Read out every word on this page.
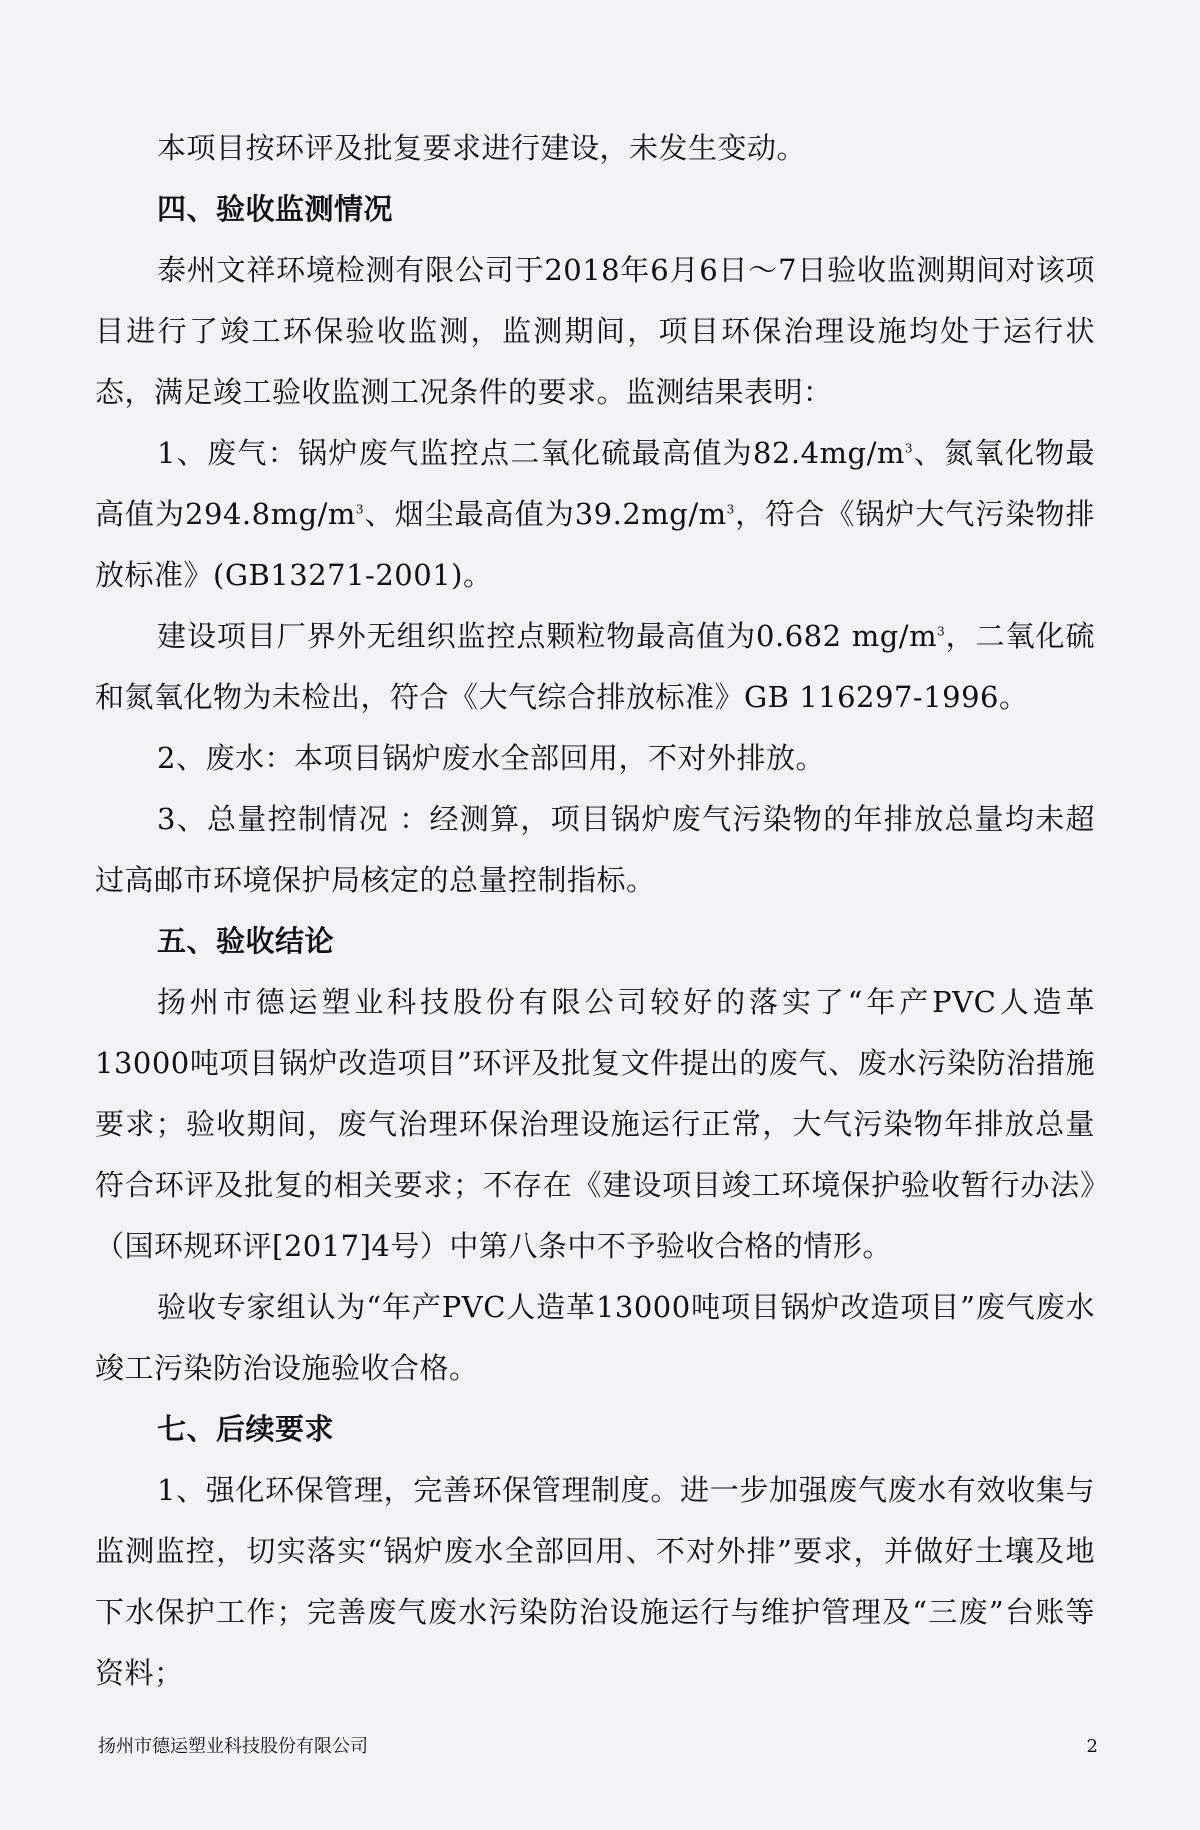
本项目按环评及批复要求进行建设，未发生变动。

四、验收监测情况

泰州文祥环境检测有限公司于2018年6月6日～7日验收监测期间对该项目进行了竣工环保验收监测，监测期间，项目环保治理设施均处于运行状态，满足竣工验收监测工况条件的要求。监测结果表明：

1、废气：锅炉废气监控点二氧化硫最高值为$82.4mg/m^3$、氮氧化物最高值为$294.8mg/m^3$、烟尘最高值为$39.2mg/m^3$，符合《锅炉大气污染物排放标准》(GB13271-2001)。

建设项目厂界外无组织监控点颗粒物最高值为0.682 $mg/m^3$，二氧化硫和氮氧化物为未检出，符合《大气综合排放标准》GB 116297-1996。

2、废水：本项目锅炉废水全部回用，不对外排放。

3、总量控制情况 ：经测算，项目锅炉废气污染物的年排放总量均未超过高邮市环境保护局核定的总量控制指标。

五、验收结论

扬州市德运塑业科技股份有限公司较好的落实了“年产PVC人造革13000吨项目锅炉改造项目”环评及批复文件提出的废气、废水污染防治措施要求；验收期间，废气治理环保治理设施运行正常，大气污染物年排放总量符合环评及批复的相关要求；不存在《建设项目竣工环境保护验收暂行办法》（国环规环评[2017]4号）中第八条中不予验收合格的情形。

验收专家组认为“年产PVC人造革13000吨项目锅炉改造项目”废气废水竣工污染防治设施验收合格。

七、后续要求

1、强化环保管理，完善环保管理制度。进一步加强废气废水有效收集与监测监控，切实落实“锅炉废水全部回用、不对外排”要求，并做好土壤及地下水保护工作；完善废气废水污染防治设施运行与维护管理及“三废”台账等资料；

扬州市德运塑业科技股份有限公司	2
